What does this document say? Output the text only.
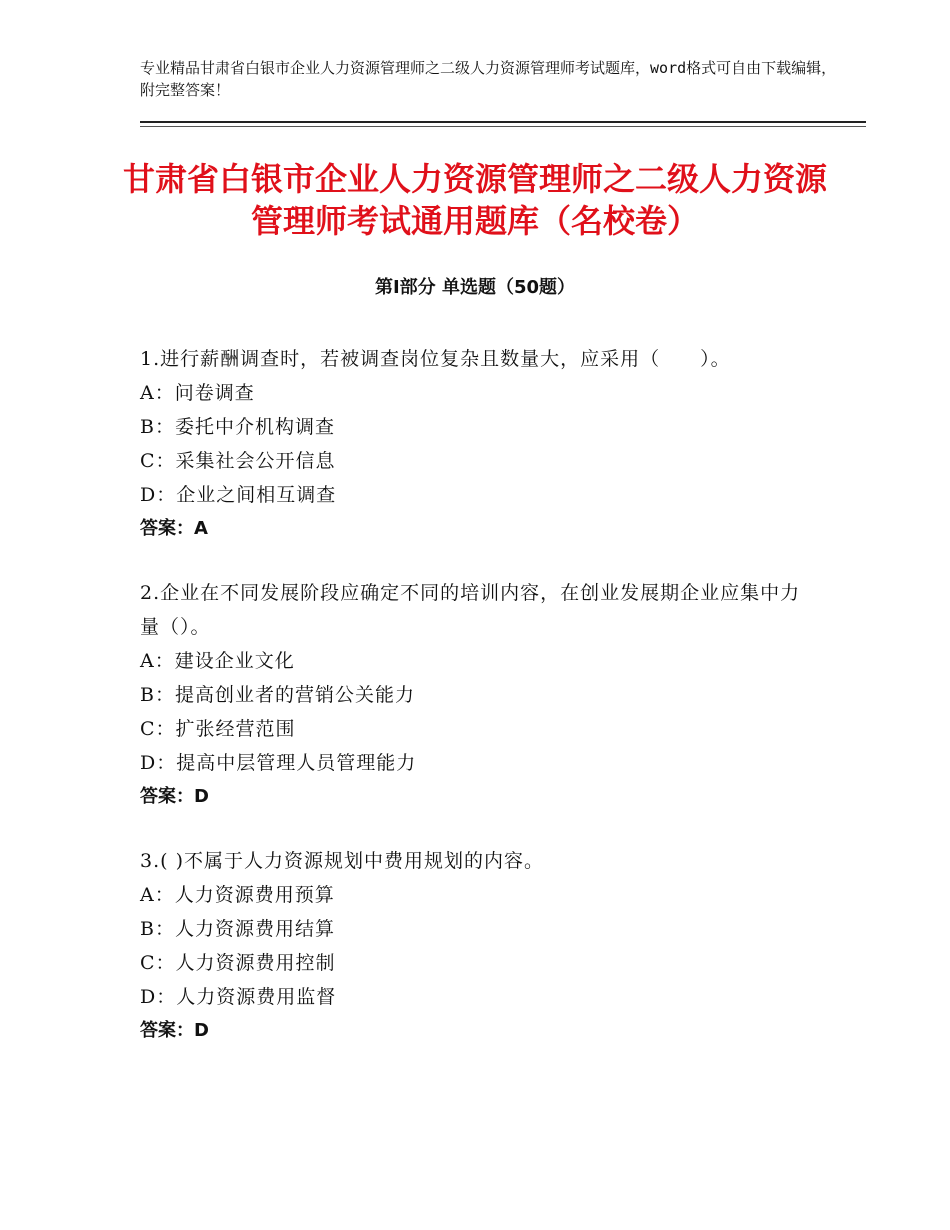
专业精品甘肃省白银市企业人力资源管理师之二级人力资源管理师考试题库，word格式可自由下载编辑，附完整答案！
甘肃省白银市企业人力资源管理师之二级人力资源管理师考试通用题库（名校卷）
第Ⅰ部分 单选题（50题）
1.进行薪酬调查时，若被调查岗位复杂且数量大，应采用（　　）。
A：问卷调查
B：委托中介机构调查
C：采集社会公开信息
D：企业之间相互调查
答案：A
2.企业在不同发展阶段应确定不同的培训内容，在创业发展期企业应集中力量（）。
A：建设企业文化
B：提高创业者的营销公关能力
C：扩张经营范围
D：提高中层管理人员管理能力
答案：D
3.( )不属于人力资源规划中费用规划的内容。
A：人力资源费用预算
B：人力资源费用结算
C：人力资源费用控制
D：人力资源费用监督
答案：D
